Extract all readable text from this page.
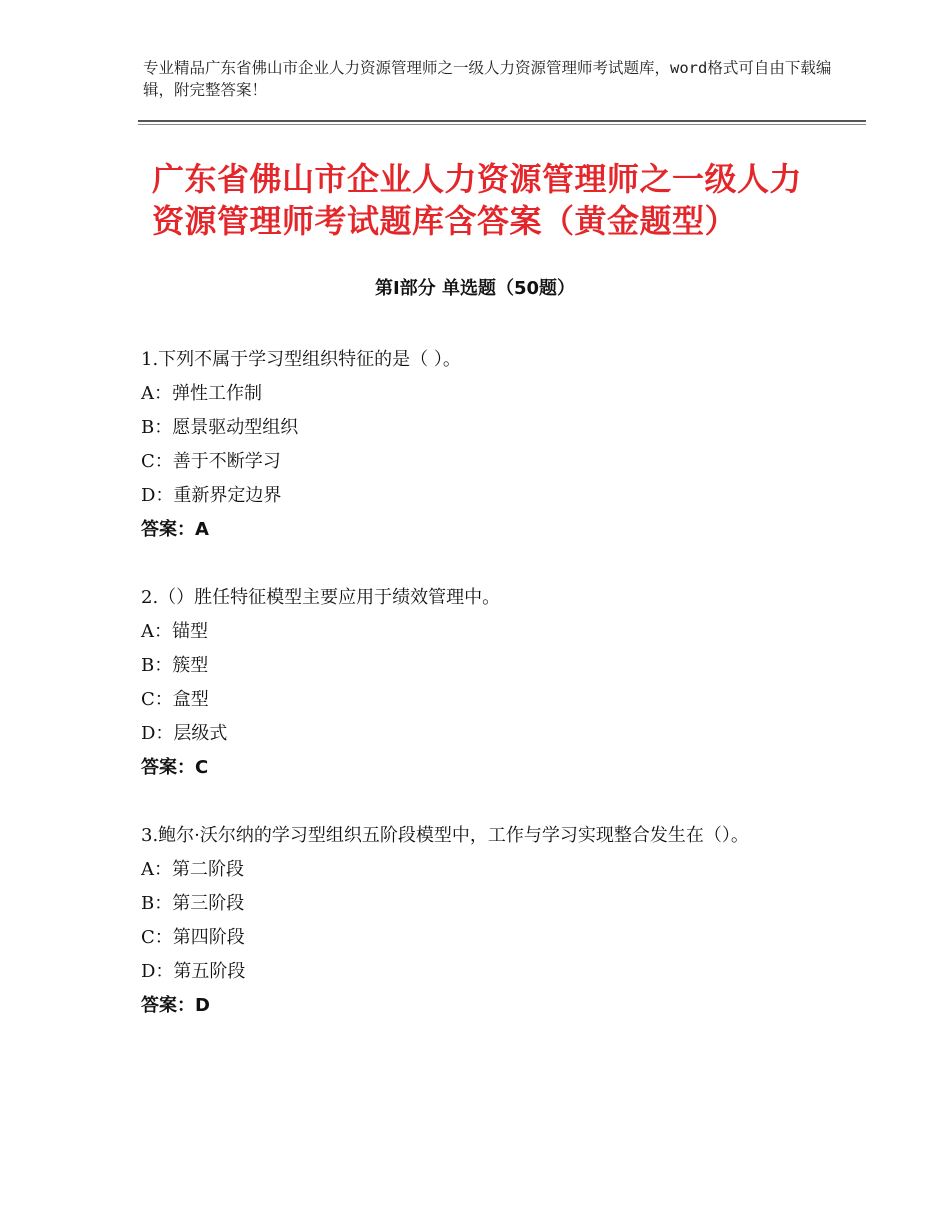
专业精品广东省佛山市企业人力资源管理师之一级人力资源管理师考试题库，word格式可自由下载编辑，附完整答案！
广东省佛山市企业人力资源管理师之一级人力资源管理师考试题库含答案（黄金题型）
第Ⅰ部分 单选题（50题）
1.下列不属于学习型组织特征的是（ ）。
A：弹性工作制
B：愿景驱动型组织
C：善于不断学习
D：重新界定边界
答案：A
2.（）胜任特征模型主要应用于绩效管理中。
A：锚型
B：簇型
C：盒型
D：层级式
答案：C
3.鲍尔·沃尔纳的学习型组织五阶段模型中，工作与学习实现整合发生在（）。
A：第二阶段
B：第三阶段
C：第四阶段
D：第五阶段
答案：D
